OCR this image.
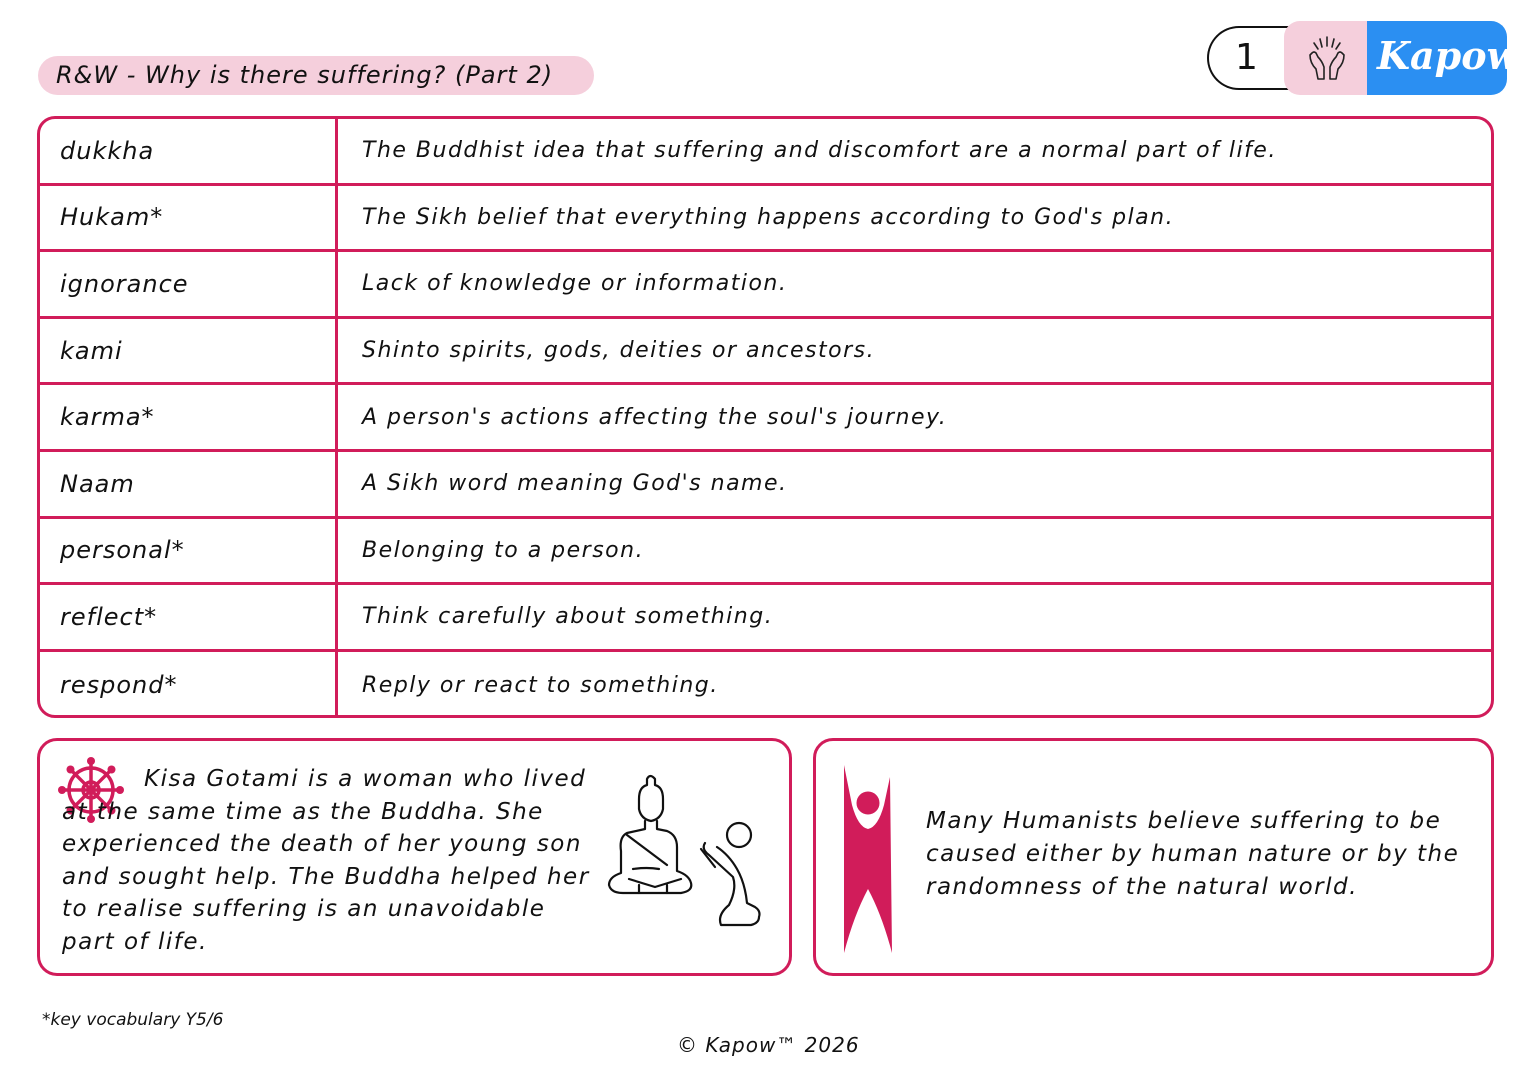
R&W - Why is there suffering? (Part 2)	1	Kapow™
dukkha	The Buddhist idea that suffering and discomfort are a normal part of life.
Hukam*	The Sikh belief that everything happens according to God's plan.
ignorance	Lack of knowledge or information.
kami	Shinto spirits, gods, deities or ancestors.
karma*	A person's actions affecting the soul's journey.
Naam	A Sikh word meaning God's name.
personal*	Belonging to a person.
reflect*	Think carefully about something.
respond*	Reply or react to something.
Kisa Gotami is a woman who lived at the same time as the Buddha. She experienced the death of her young son and sought help. The Buddha helped her to realise suffering is an unavoidable part of life.
Many Humanists believe suffering to be caused either by human nature or by the randomness of the natural world.
*key vocabulary Y5/6
© Kapow™ 2026
